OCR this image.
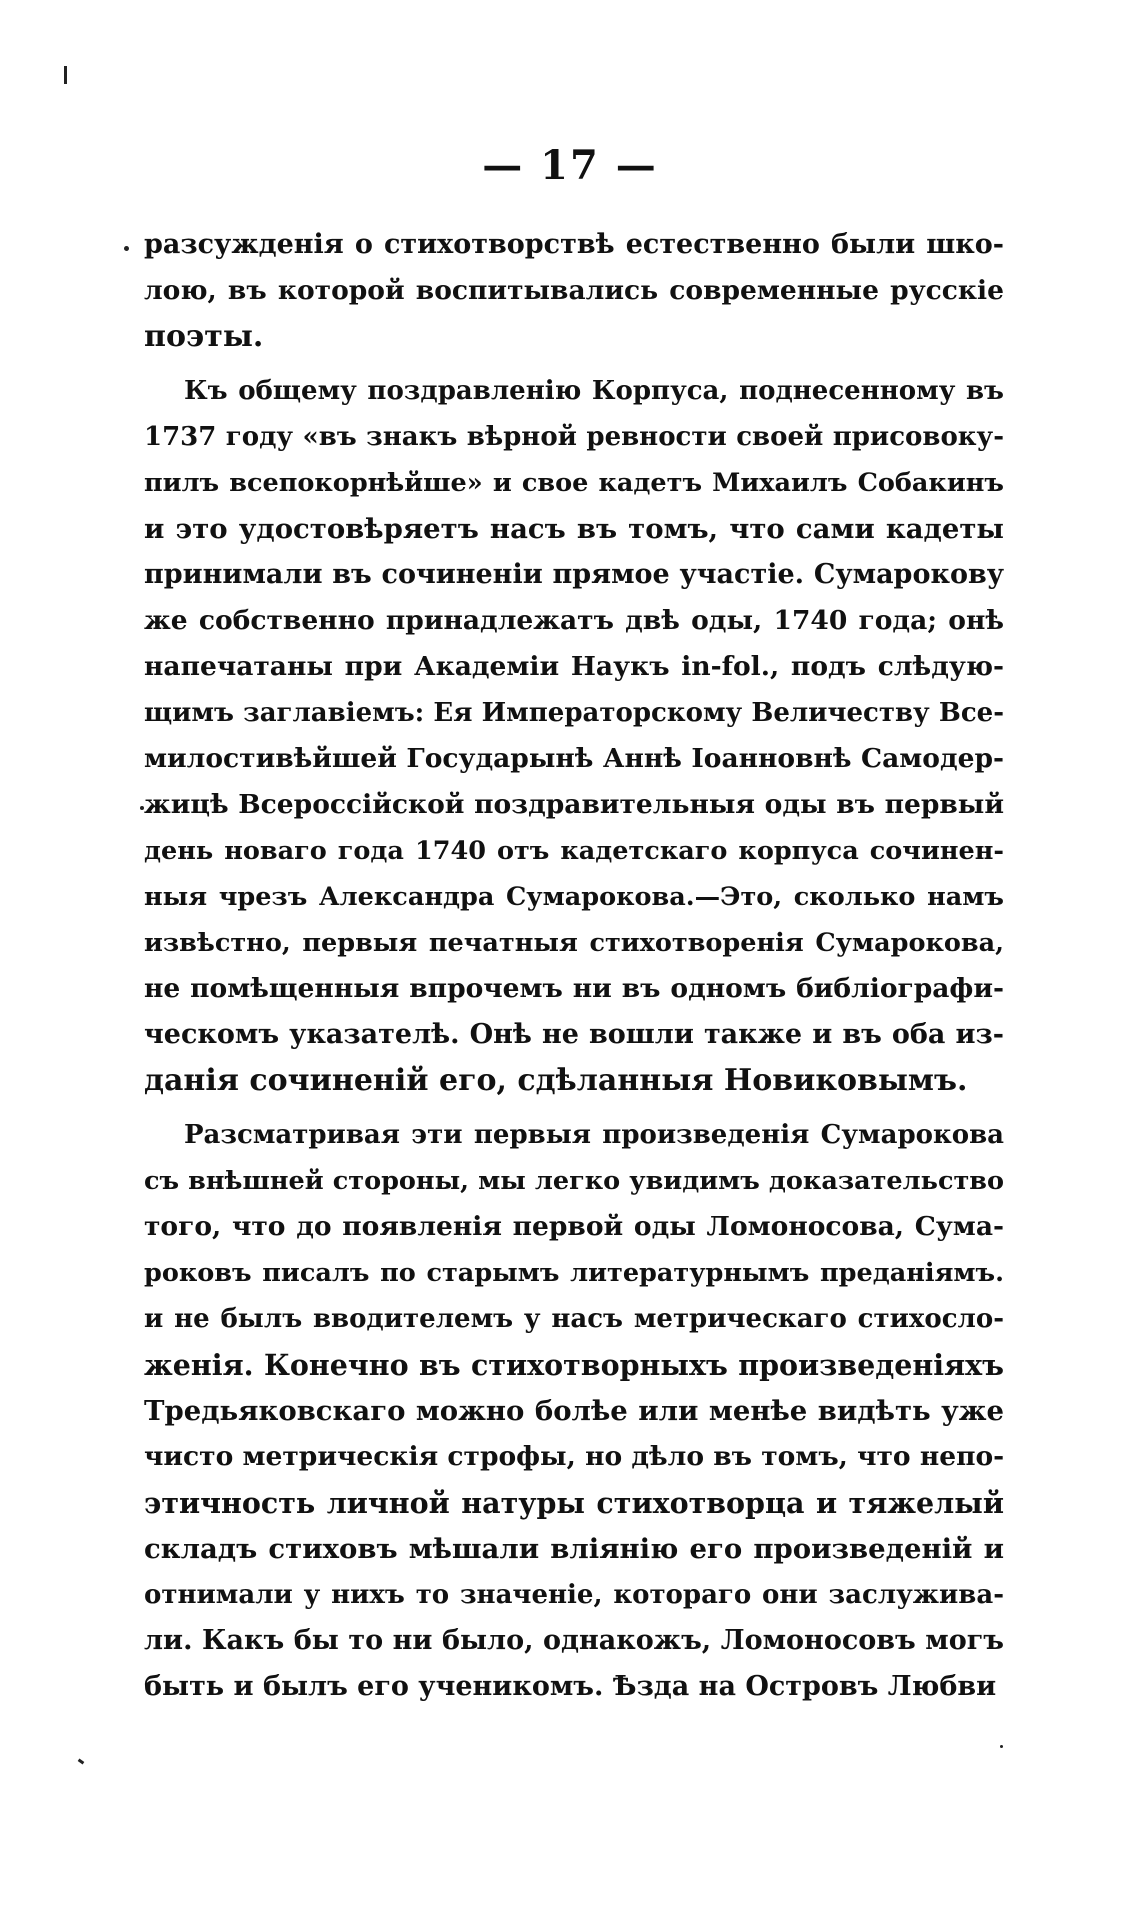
— 17 —
разсужденія о стихотворствѣ естественно были шко-
лою, въ которой воспитывались современные русскіе
поэты.
Къ общему поздравленію Корпуса, поднесенному въ
1737 году «въ знакъ вѣрной ревности своей присовоку-
пилъ всепокорнѣйше» и свое кадетъ Михаилъ Собакинъ
и это удостовѣряетъ насъ въ томъ, что сами кадеты
принимали въ сочиненіи прямое участіе. Сумарокову
же собственно принадлежатъ двѣ оды, 1740 года; онѣ
напечатаны при Академіи Наукъ in-fol., подъ слѣдую-
щимъ заглавіемъ: Ея Императорскому Величеству Все-
милостивѣйшей Государынѣ Аннѣ Іоанновнѣ Самодер-
жицѣ Всероссійской поздравительныя оды въ первый
день новаго года 1740 отъ кадетскаго корпуса сочинен-
ныя чрезъ Александра Сумарокова.—Это, сколько намъ
извѣстно, первыя печатныя стихотворенія Сумарокова,
не помѣщенныя впрочемъ ни въ одномъ библіографи-
ческомъ указателѣ. Онѣ не вошли также и въ оба из-
данія сочиненій его, сдѣланныя Новиковымъ.
Разсматривая эти первыя произведенія Сумарокова
съ внѣшней стороны, мы легко увидимъ доказательство
того, что до появленія первой оды Ломоносова, Сума-
роковъ писалъ по старымъ литературнымъ преданіямъ.
и не былъ вводителемъ у насъ метрическаго стихосло-
женія. Конечно въ стихотворныхъ произведеніяхъ
Тредьяковскаго можно болѣе или менѣе видѣть уже
чисто метрическія строфы, но дѣло въ томъ, что непо-
этичность личной натуры стихотворца и тяжелый
складъ стиховъ мѣшали вліянію его произведеній и
отнимали у нихъ то значеніе, котораго они заслужива-
ли. Какъ бы то ни было, однакожъ, Ломоносовъ могъ
быть и былъ его ученикомъ. Ѣзда на Островъ Любви
